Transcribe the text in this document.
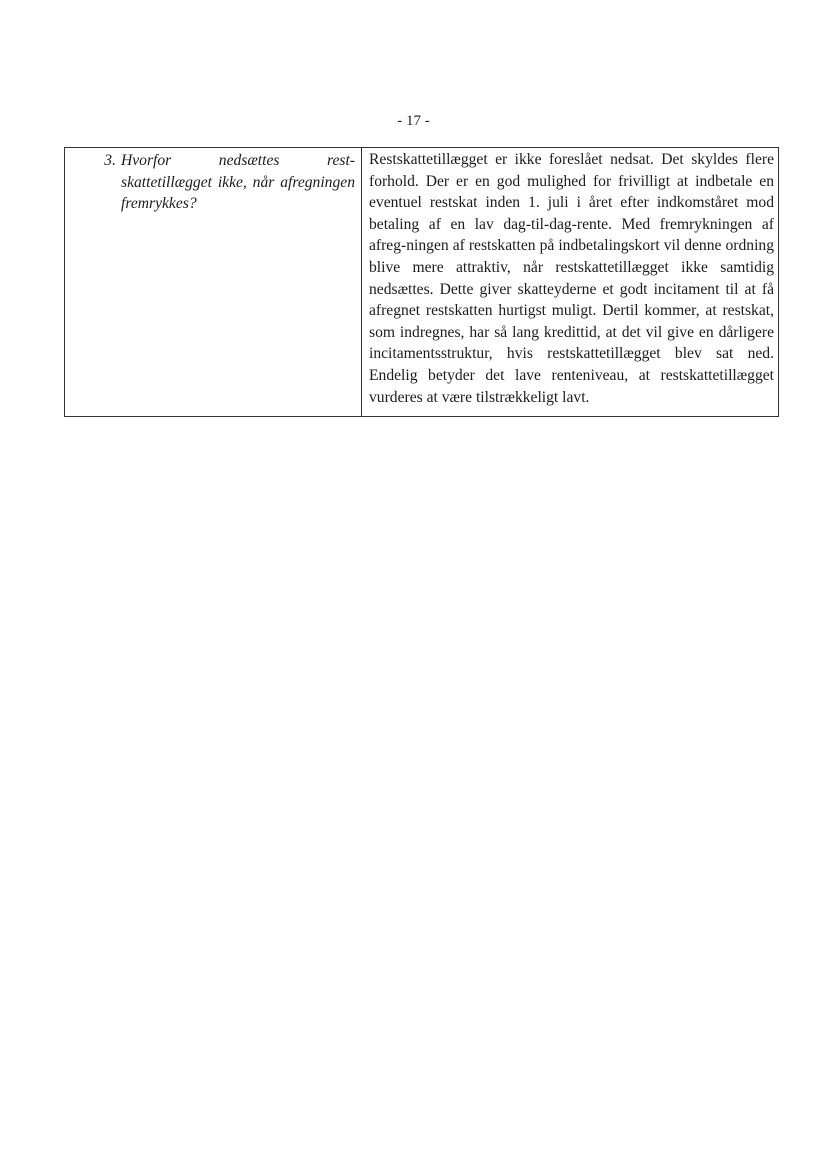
- 17 -
3. Hvorfor nedsættes rest-skattetillægget ikke, når afregningen fremrykkes?

Restskattetillægget er ikke foreslået nedsat. Det skyldes flere forhold. Der er en god mulighed for frivilligt at indbetale en eventuel restskat inden 1. juli i året efter indkomståret mod betaling af en lav dag-til-dag-rente. Med fremrykningen af afreg-ningen af restskatten på indbetalingskort vil denne ordning blive mere attraktiv, når restskattetillægget ikke samtidig nedsættes. Dette giver skatteyderne et godt incitament til at få afregnet restskatten hurtigst muligt. Dertil kommer, at restskat, som indregnes, har så lang kredittid, at det vil give en dårligere incitamentsstruktur, hvis restskattetillægget blev sat ned. Endelig betyder det lave renteniveau, at restskattetillægget vurderes at være tilstrækkeligt lavt.
